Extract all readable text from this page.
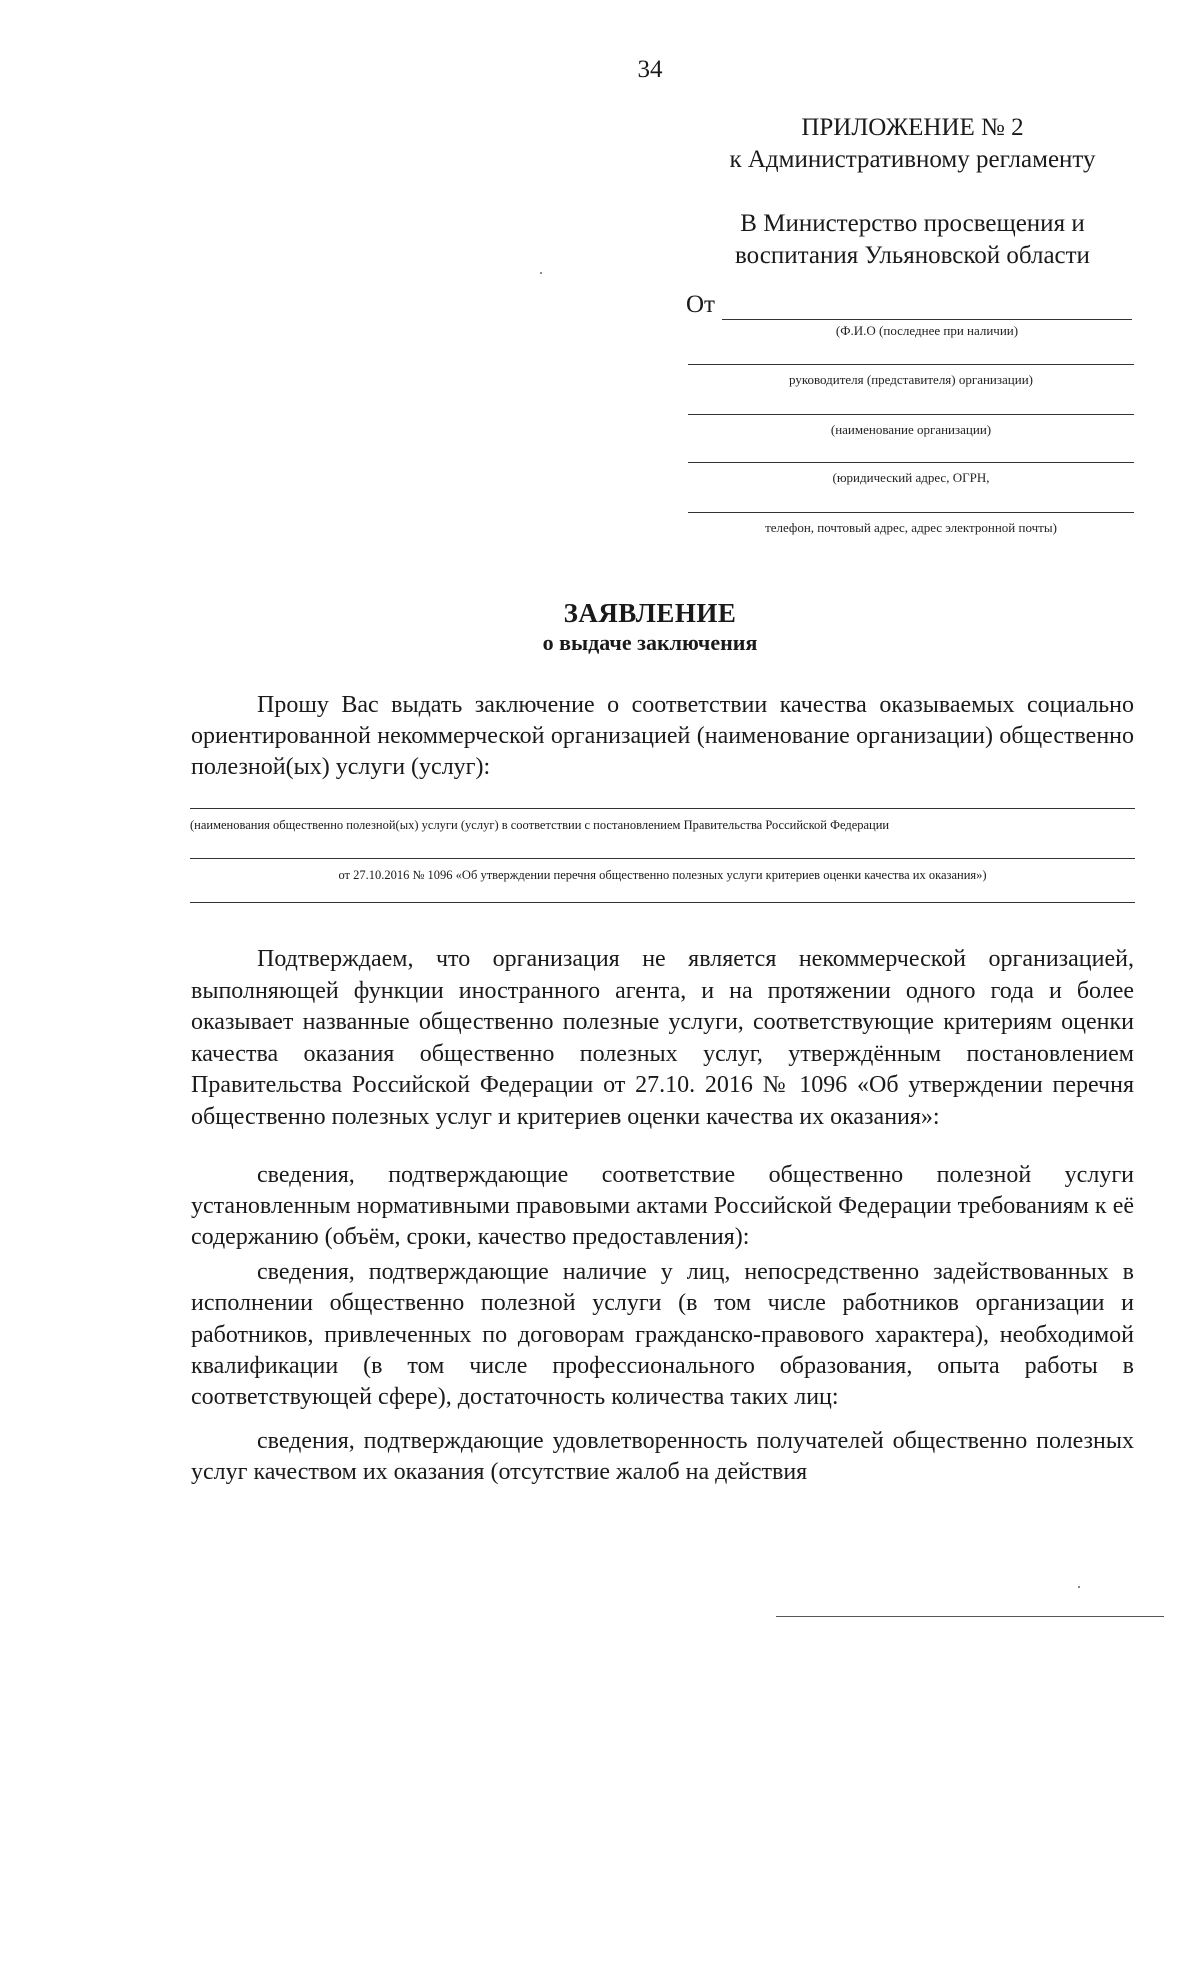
34
ПРИЛОЖЕНИЕ № 2
к Административному регламенту
В Министерство просвещения и воспитания Ульяновской области
От
(Ф.И.О (последнее при наличии)
руководителя (представителя) организации)
(наименование организации)
(юридический адрес, ОГРН,
телефон, почтовый адрес, адрес электронной почты)
ЗАЯВЛЕНИЕ
о выдаче заключения

Прошу Вас выдать заключение о соответствии качества оказываемых социально ориентированной некоммерческой организацией (наименование организации) общественно полезной(ых) услуги (услуг):

(наименования общественно полезной(ых) услуги (услуг) в соответствии с постановлением Правительства Российской Федерации
от 27.10.2016 № 1096 «Об утверждении перечня общественно полезных услуги критериев оценки качества их оказания»)

Подтверждаем, что организация не является некоммерческой организацией, выполняющей функции иностранного агента, и на протяжении одного года и более оказывает названные общественно полезные услуги, соответствующие критериям оценки качества оказания общественно полезных услуг, утверждённым постановлением Правительства Российской Федерации от 27.10. 2016 № 1096 «Об утверждении перечня общественно полезных услуг и критериев оценки качества их оказания»:

сведения, подтверждающие соответствие общественно полезной услуги установленным нормативными правовыми актами Российской Федерации требованиям к её содержанию (объём, сроки, качество предоставления):

сведения, подтверждающие наличие у лиц, непосредственно задействованных в исполнении общественно полезной услуги (в том числе работников организации и работников, привлеченных по договорам гражданско-правового характера), необходимой квалификации (в том числе профессионального образования, опыта работы в соответствующей сфере), достаточность количества таких лиц:

сведения, подтверждающие удовлетворенность получателей общественно полезных услуг качеством их оказания (отсутствие жалоб на действия
